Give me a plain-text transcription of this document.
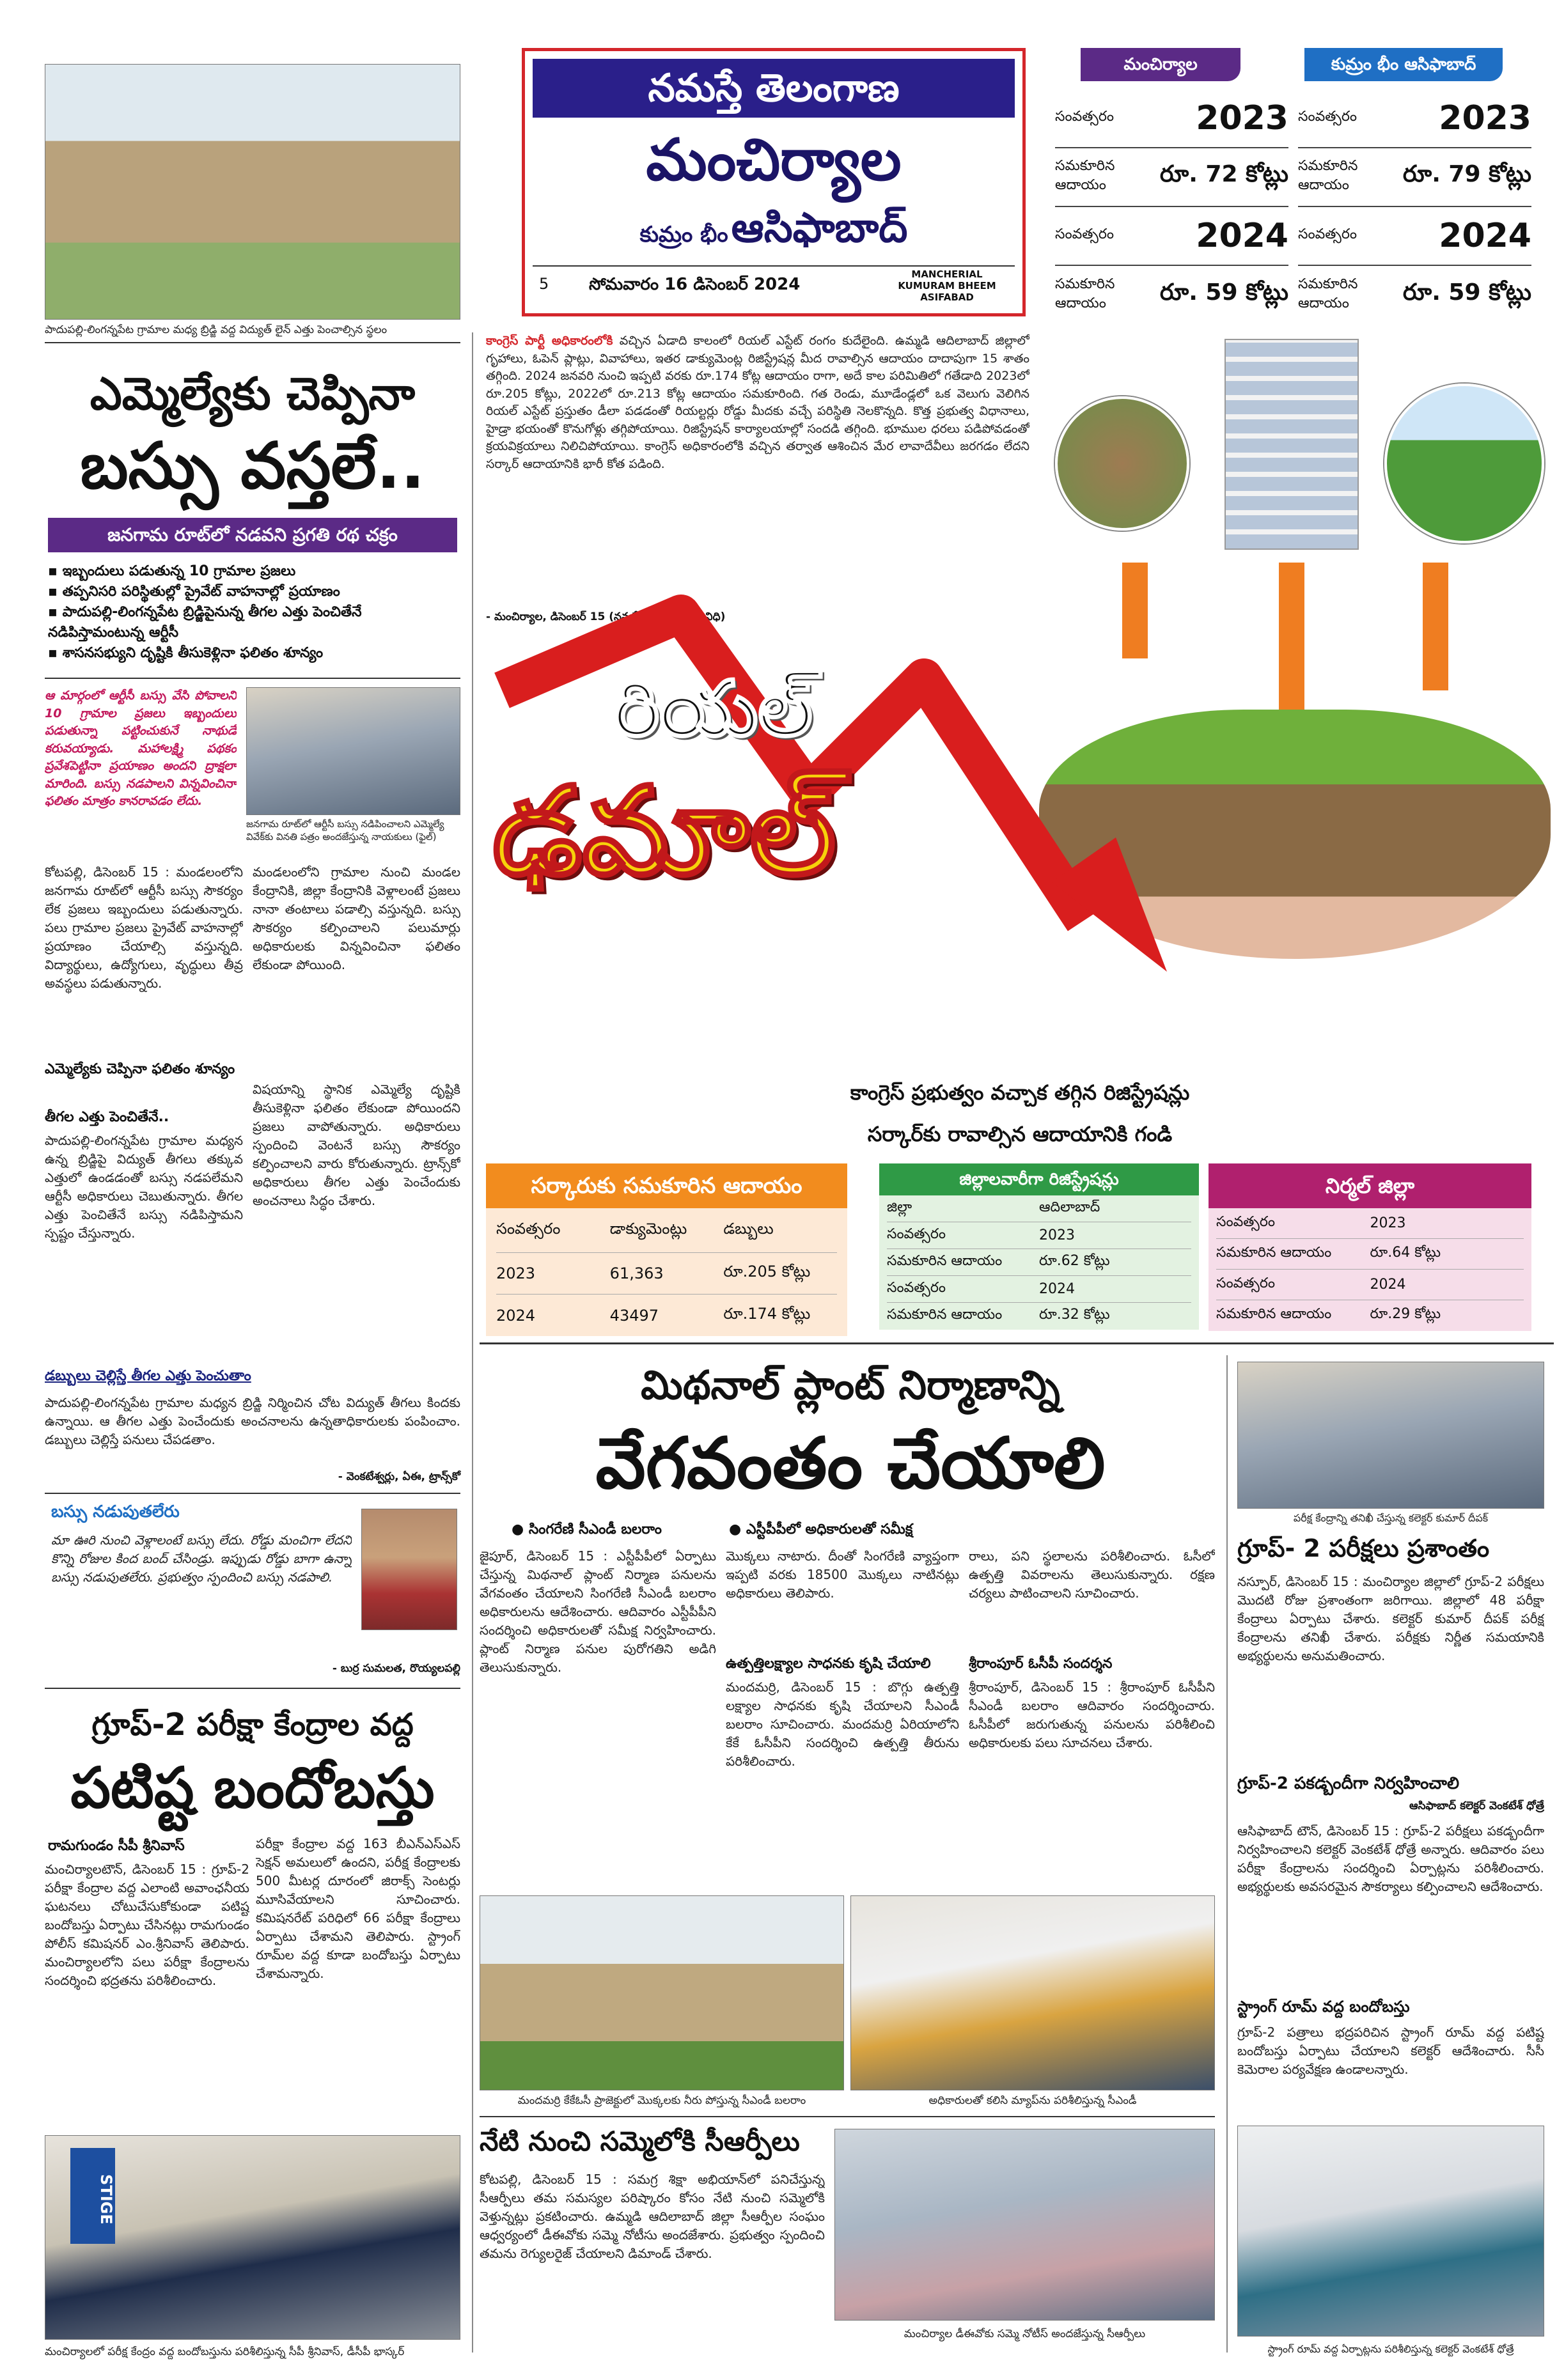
నమస్తే తెలంగాణ
మంచిర్యాల
కుమ్రం భీం ఆసిఫాబాద్
5 సోమవారం 16 డిసెంబర్ 2024
MANCHERIAL KUMURAM BHEEM ASIFABAD
మంచిర్యాల	కుమ్రం భీం ఆసిఫాబాద్
సంవత్సరం 2023
సమకూరిన ఆదాయం	రూ. 72 కోట్లు
సంవత్సరం 2024
సమకూరిన ఆదాయం	రూ. 59 కోట్లు
సంవత్సరం 2023
సమకూరిన ఆదాయం	రూ. 79 కోట్లు
సంవత్సరం 2024
సమకూరిన ఆదాయం	రూ. 59 కోట్లు
పాదుపల్లి-లింగన్నపేట గ్రామాల మధ్య బ్రిడ్జి వద్ద విద్యుత్ లైన్ ఎత్తు పెంచాల్సిన స్థలం
ఎమ్మెల్యేకు చెప్పినా
బస్సు వస్తలే..
జనగామ రూట్‌లో నడవని ప్రగతి రథ చక్రం
▪ ఇబ్బందులు పడుతున్న 10 గ్రామాల ప్రజలు
▪ తప్పనిసరి పరిస్థితుల్లో ప్రైవేట్ వాహనాల్లో ప్రయాణం
▪ పాదుపల్లి-లింగన్నపేట బ్రిడ్జిపైనున్న తీగల ఎత్తు పెంచితేనే నడిపిస్తామంటున్న ఆర్టీసీ
▪ శాసనసభ్యుని దృష్టికి తీసుకెళ్లినా ఫలితం శూన్యం
ఆ మార్గంలో ఆర్టీసీ బస్సు వేసి పోవాలని 10 గ్రామాల ప్రజలు ఇబ్బందులు పడుతున్నా పట్టించుకునే నాథుడే కరువయ్యాడు. మహాలక్ష్మి పథకం ప్రవేశపెట్టినా ప్రయాణం అందని ద్రాక్షలా మారింది. బస్సు నడపాలని విన్నవించినా ఫలితం మాత్రం కానరావడం లేదు.
జనగామ రూట్‌లో ఆర్టీసీ బస్సు నడిపించాలని ఎమ్మెల్యే వివేక్‌కు వినతి పత్రం అందజేస్తున్న నాయకులు (ఫైల్)
కోటపల్లి, డిసెంబర్ 15 : మండలంలోని జనగామ రూట్‌లో ఆర్టీసీ బస్సు సౌకర్యం లేక ప్రజలు ఇబ్బందులు పడుతున్నారు. పలు గ్రామాల ప్రజలు ప్రైవేట్ వాహనాల్లో ప్రయాణం చేయాల్సి వస్తున్నది. విద్యార్థులు, ఉద్యోగులు, వృద్ధులు తీవ్ర అవస్థలు పడుతున్నారు.
మండలంలోని గ్రామాల నుంచి మండల కేంద్రానికి, జిల్లా కేంద్రానికి వెళ్లాలంటే ప్రజలు నానా తంటాలు పడాల్సి వస్తున్నది. బస్సు సౌకర్యం కల్పించాలని పలుమార్లు అధికారులకు విన్నవించినా ఫలితం లేకుండా పోయింది.
ఎమ్మెల్యేకు చెప్పినా ఫలితం శూన్యం
తీగల ఎత్తు పెంచితేనే..
పాదుపల్లి-లింగన్నపేట గ్రామాల మధ్యన ఉన్న బ్రిడ్జిపై విద్యుత్ తీగలు తక్కువ ఎత్తులో ఉండడంతో బస్సు నడపలేమని ఆర్టీసీ అధికారులు చెబుతున్నారు. తీగల ఎత్తు పెంచితేనే బస్సు నడిపిస్తామని స్పష్టం చేస్తున్నారు.
విషయాన్ని స్థానిక ఎమ్మెల్యే దృష్టికి తీసుకెళ్లినా ఫలితం లేకుండా పోయిందని ప్రజలు వాపోతున్నారు. అధికారులు స్పందించి వెంటనే బస్సు సౌకర్యం కల్పించాలని వారు కోరుతున్నారు. ట్రాన్స్‌కో అధికారులు తీగల ఎత్తు పెంచేందుకు అంచనాలు సిద్ధం చేశారు.
డబ్బులు చెల్లిస్తే తీగల ఎత్తు పెంచుతాం
పాదుపల్లి-లింగన్నపేట గ్రామాల మధ్యన బ్రిడ్జి నిర్మించిన చోట విద్యుత్ తీగలు కిందకు ఉన్నాయి. ఆ తీగల ఎత్తు పెంచేందుకు అంచనాలను ఉన్నతాధికారులకు పంపించాం. డబ్బులు చెల్లిస్తే పనులు చేపడతాం.
- వెంకటేశ్వర్లు, ఏఈ, ట్రాన్స్‌కో
బస్సు నడుపుతలేరు
మా ఊరి నుంచి వెళ్లాలంటే బస్సు లేదు. రోడ్డు మంచిగా లేదని కొన్ని రోజుల కింద బంద్ చేసిండ్రు. ఇప్పుడు రోడ్డు బాగా ఉన్నా బస్సు నడుపుతలేరు. ప్రభుత్వం స్పందించి బస్సు నడపాలి.
- బుర్ర సుమలత, రొయ్యలపల్లి
గ్రూప్-2 పరీక్షా కేంద్రాల వద్ద
పటిష్ట బందోబస్తు
రామగుండం సీపీ శ్రీనివాస్
మంచిర్యాలటౌన్, డిసెంబర్ 15 : గ్రూప్-2 పరీక్షా కేంద్రాల వద్ద ఎలాంటి అవాంఛనీయ ఘటనలు చోటుచేసుకోకుండా పటిష్ట బందోబస్తు ఏర్పాటు చేసినట్లు రామగుండం పోలీస్ కమిషనర్ ఎం.శ్రీనివాస్ తెలిపారు. మంచిర్యాలలోని పలు పరీక్షా కేంద్రాలను సందర్శించి భద్రతను పరిశీలించారు.
పరీక్షా కేంద్రాల వద్ద 163 బీఎన్ఎస్ఎస్ సెక్షన్ అమలులో ఉందని, పరీక్ష కేంద్రాలకు 500 మీటర్ల దూరంలో జిరాక్స్ సెంటర్లు మూసివేయాలని సూచించారు. కమిషనరేట్ పరిధిలో 66 పరీక్షా కేంద్రాలు ఏర్పాటు చేశామని తెలిపారు. స్ట్రాంగ్ రూమ్‌ల వద్ద కూడా బందోబస్తు ఏర్పాటు చేశామన్నారు.
STIGE
మంచిర్యాలలో పరీక్ష కేంద్రం వద్ద బందోబస్తును పరిశీలిస్తున్న సీపీ శ్రీనివాస్, డీసీపీ భాస్కర్
కాంగ్రెస్ పార్టీ అధికారంలోకి వచ్చిన ఏడాది కాలంలో రియల్ ఎస్టేట్ రంగం కుదేలైంది. ఉమ్మడి ఆదిలాబాద్ జిల్లాలో గృహాలు, ఓపెన్ ప్లాట్లు, వివాహాలు, ఇతర డాక్యుమెంట్ల రిజిస్ట్రేషన్ల మీద రావాల్సిన ఆదాయం దాదాపుగా 15 శాతం తగ్గింది. 2024 జనవరి నుంచి ఇప్పటి వరకు రూ.174 కోట్ల ఆదాయం రాగా, అదే కాల పరిమితిలో గతేడాది 2023లో రూ.205 కోట్లు, 2022లో రూ.213 కోట్ల ఆదాయం సమకూరింది. గత రెండు, మూడేండ్లలో ఒక వెలుగు వెలిగిన రియల్ ఎస్టేట్ ప్రస్తుతం డీలా పడడంతో రియల్టర్లు రోడ్డు మీదకు వచ్చే పరిస్థితి నెలకొన్నది. కొత్త ప్రభుత్వ విధానాలు, హైడ్రా భయంతో కొనుగోళ్లు తగ్గిపోయాయి. రిజిస్ట్రేషన్ కార్యాలయాల్లో సందడి తగ్గింది. భూముల ధరలు పడిపోవడంతో క్రయవిక్రయాలు నిలిచిపోయాయి. కాంగ్రెస్ అధికారంలోకి వచ్చిన తర్వాత ఆశించిన మేర లావాదేవీలు జరగడం లేదని సర్కార్ ఆదాయానికి భారీ కోత పడింది.
- మంచిర్యాల, డిసెంబర్ 15 (నమస్తే తెలంగాణ ప్రతినిధి)
రియల్
ఢమాల్
కాంగ్రెస్ ప్రభుత్వం వచ్చాక తగ్గిన రిజిస్ట్రేషన్లు
సర్కార్‌కు రావాల్సిన ఆదాయానికి గండి
సర్కారుకు సమకూరిన ఆదాయం
సంవత్సరం	డాక్యుమెంట్లు	డబ్బులు
2023	61,363	రూ.205 కోట్లు
2024	43497	రూ.174 కోట్లు
జిల్లాలవారీగా రిజిస్ట్రేషన్లు
జిల్లా	ఆదిలాబాద్
సంవత్సరం	2023
సమకూరిన ఆదాయం	రూ.62 కోట్లు
సంవత్సరం	2024
సమకూరిన ఆదాయం	రూ.32 కోట్లు
నిర్మల్ జిల్లా
సంవత్సరం	2023
సమకూరిన ఆదాయం	రూ.64 కోట్లు
సంవత్సరం	2024
సమకూరిన ఆదాయం	రూ.29 కోట్లు
మిథనాల్ ప్లాంట్ నిర్మాణాన్ని
వేగవంతం చేయాలి
● సింగరేణి సీఎండీ బలరాం	● ఎస్టీపీపీలో అధికారులతో సమీక్ష
జైపూర్, డిసెంబర్ 15 : ఎస్టీపీపీలో ఏర్పాటు చేస్తున్న మిథనాల్ ప్లాంట్ నిర్మాణ పనులను వేగవంతం చేయాలని సింగరేణి సీఎండీ బలరాం అధికారులను ఆదేశించారు. ఆదివారం ఎస్టీపీపీని సందర్శించి అధికారులతో సమీక్ష నిర్వహించారు. ప్లాంట్ నిర్మాణ పనుల పురోగతిని అడిగి తెలుసుకున్నారు.
మొక్కలు నాటారు. దీంతో సింగరేణి వ్యాప్తంగా ఇప్పటి వరకు 18500 మొక్కలు నాటినట్లు అధికారులు తెలిపారు.
ఉత్పత్తిలక్ష్యాల సాధనకు కృషి చేయాలి
మందమర్రి, డిసెంబర్ 15 : బొగ్గు ఉత్పత్తి లక్ష్యాల సాధనకు కృషి చేయాలని సీఎండీ బలరాం సూచించారు. మందమర్రి ఏరియాలోని కేకే ఓసీపీని సందర్శించి ఉత్పత్తి తీరును పరిశీలించారు.
రాలు, పని స్థలాలను పరిశీలించారు. ఓసీలో ఉత్పత్తి వివరాలను తెలుసుకున్నారు. రక్షణ చర్యలు పాటించాలని సూచించారు.
శ్రీరాంపూర్ ఓసీపీ సందర్శన
శ్రీరాంపూర్, డిసెంబర్ 15 : శ్రీరాంపూర్ ఓసీపీని సీఎండీ బలరాం ఆదివారం సందర్శించారు. ఓసీపీలో జరుగుతున్న పనులను పరిశీలించి అధికారులకు పలు సూచనలు చేశారు.
మందమర్రి కేకేఓసీ ప్రాజెక్టులో మొక్కలకు నీరు పోస్తున్న సీఎండీ బలరాం	అధికారులతో కలిసి మ్యాప్‌ను పరిశీలిస్తున్న సీఎండీ
నేటి నుంచి సమ్మెలోకి సీఆర్పీలు
కోటపల్లి, డిసెంబర్ 15 : సమగ్ర శిక్షా అభియాన్‌లో పనిచేస్తున్న సీఆర్పీలు తమ సమస్యల పరిష్కారం కోసం నేటి నుంచి సమ్మెలోకి వెళ్తున్నట్లు ప్రకటించారు. ఉమ్మడి ఆదిలాబాద్ జిల్లా సీఆర్పీల సంఘం ఆధ్వర్యంలో డీఈవోకు సమ్మె నోటీసు అందజేశారు. ప్రభుత్వం స్పందించి తమను రెగ్యులరైజ్ చేయాలని డిమాండ్ చేశారు.
మంచిర్యాల డీఈవోకు సమ్మె నోటీస్ అందజేస్తున్న సీఆర్పీలు
పరీక్ష కేంద్రాన్ని తనిఖీ చేస్తున్న కలెక్టర్ కుమార్ దీపక్
గ్రూప్- 2 పరీక్షలు ప్రశాంతం
నస్పూర్, డిసెంబర్ 15 : మంచిర్యాల జిల్లాలో గ్రూప్-2 పరీక్షలు మొదటి రోజు ప్రశాంతంగా జరిగాయి. జిల్లాలో 48 పరీక్షా కేంద్రాలు ఏర్పాటు చేశారు. కలెక్టర్ కుమార్ దీపక్ పరీక్ష కేంద్రాలను తనిఖీ చేశారు. పరీక్షకు నిర్ణీత సమయానికి అభ్యర్థులను అనుమతించారు.
గ్రూప్-2 పకడ్బందీగా నిర్వహించాలి
ఆసిఫాబాద్ కలెక్టర్ వెంకటేశ్ ధోత్రే
ఆసిఫాబాద్ టౌన్, డిసెంబర్ 15 : గ్రూప్-2 పరీక్షలు పకడ్బందీగా నిర్వహించాలని కలెక్టర్ వెంకటేశ్ ధోత్రే అన్నారు. ఆదివారం పలు పరీక్షా కేంద్రాలను సందర్శించి ఏర్పాట్లను పరిశీలించారు. అభ్యర్థులకు అవసరమైన సౌకర్యాలు కల్పించాలని ఆదేశించారు.
స్ట్రాంగ్ రూమ్ వద్ద బందోబస్తు
గ్రూప్-2 పత్రాలు భద్రపరిచిన స్ట్రాంగ్ రూమ్ వద్ద పటిష్ట బందోబస్తు ఏర్పాటు చేయాలని కలెక్టర్ ఆదేశించారు. సీసీ కెమెరాల పర్యవేక్షణ ఉండాలన్నారు.
స్ట్రాంగ్ రూమ్ వద్ద ఏర్పాట్లను పరిశీలిస్తున్న కలెక్టర్ వెంకటేశ్ ధోత్రే
